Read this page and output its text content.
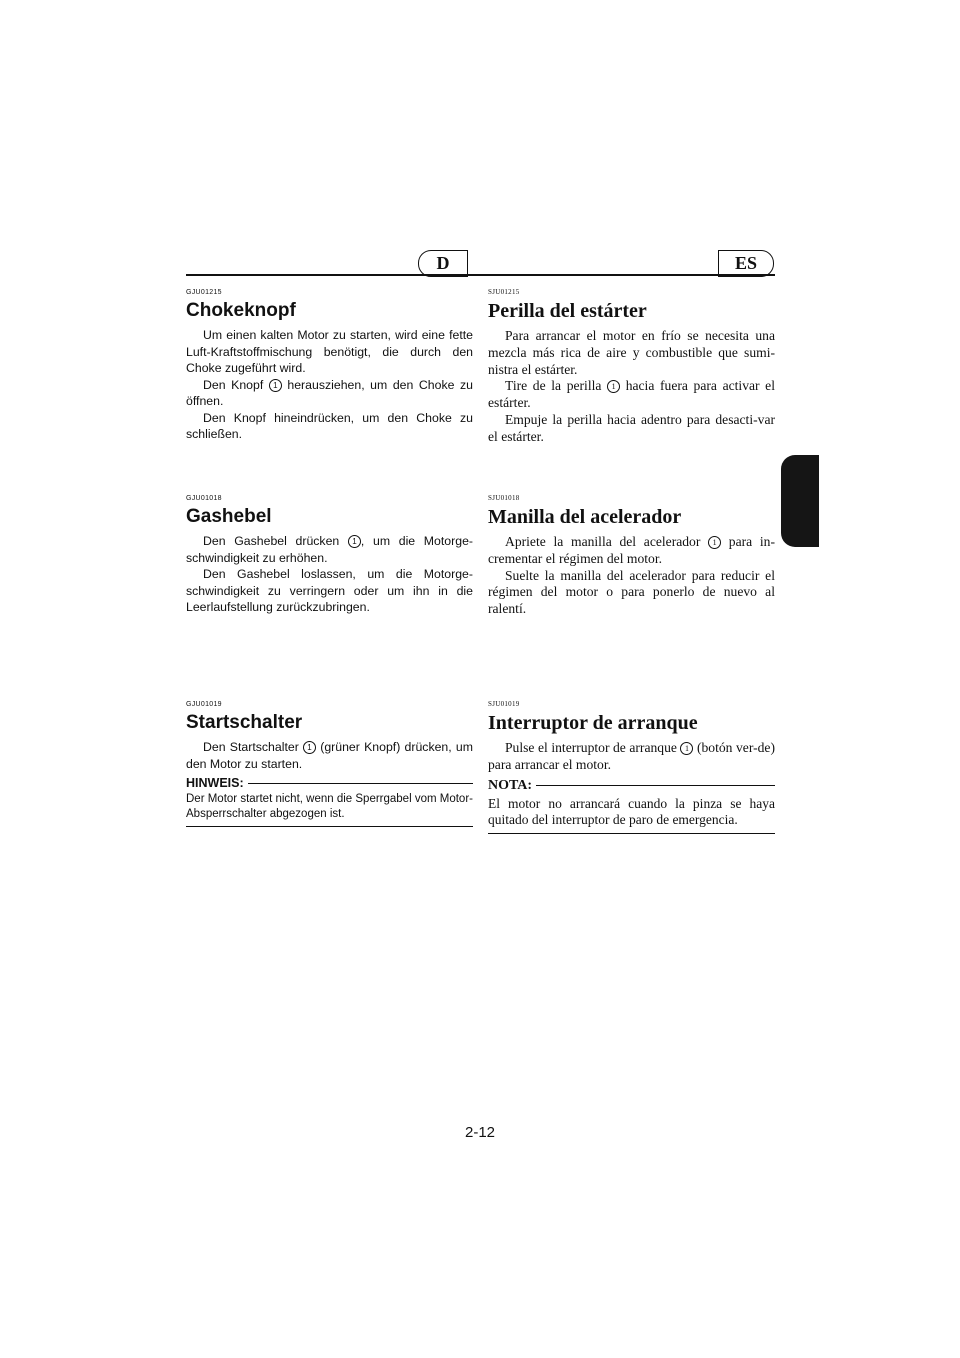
D	ES
GJU01215
Chokeknopf

Um einen kalten Motor zu starten, wird eine fette Luft-Kraftstoffmischung benötigt, die durch den Choke zugeführt wird.

Den Knopf 1 herausziehen, um den Choke zu öffnen.

Den Knopf hineindrücken, um den Choke zu schließen.

GJU01018
Gashebel

Den Gashebel drücken 1 , um die Motorge-schwindigkeit zu erhöhen.

Den Gashebel loslassen, um die Motorge-schwindigkeit zu verringern oder um ihn in die Leerlaufstellung zurückzubringen.

GJU01019
Startschalter

Den Startschalter 1 (grüner Knopf) drücken, um den Motor zu starten.

HINWEIS:

Der Motor startet nicht, wenn die Sperrgabel vom Motor-Absperrschalter abgezogen ist.

SJU01215
Perilla del estárter

Para arrancar el motor en frío se necesita una mezcla más rica de aire y combustible que sumi-nistra el estárter.

Tire de la perilla 1 hacia fuera para activar el estárter.

Empuje la perilla hacia adentro para desacti-var el estárter.

SJU01018
Manilla del acelerador

Apriete la manilla del acelerador 1 para in-crementar el régimen del motor.

Suelte la manilla del acelerador para reducir el régimen del motor o para ponerlo de nuevo al ralentí.

SJU01019
Interruptor de arranque

Pulse el interruptor de arranque 1 (botón ver-de) para arrancar el motor.

NOTA:

El motor no arrancará cuando la pinza se haya quitado del interruptor de paro de emergencia.

2-12
